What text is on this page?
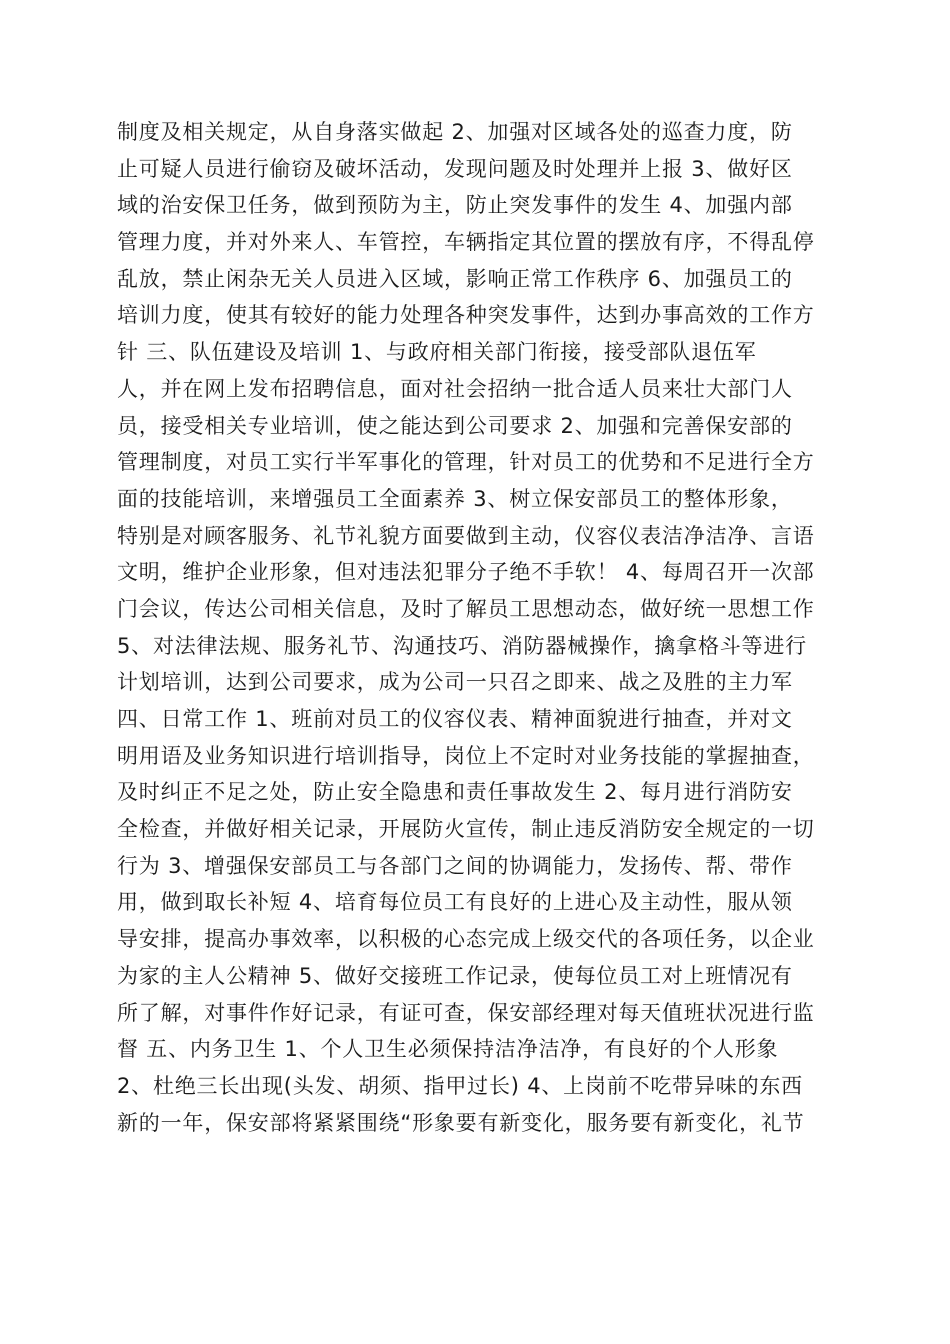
制度及相关规定，从自身落实做起 2、加强对区域各处的巡查力度，防
止可疑人员进行偷窃及破坏活动，发现问题及时处理并上报 3、做好区
域的治安保卫任务，做到预防为主，防止突发事件的发生 4、加强内部
管理力度，并对外来人、车管控，车辆指定其位置的摆放有序，不得乱停
乱放，禁止闲杂无关人员进入区域，影响正常工作秩序 6、加强员工的
培训力度，使其有较好的能力处理各种突发事件，达到办事高效的工作方
针 三、队伍建设及培训 1、与政府相关部门衔接，接受部队退伍军
人，并在网上发布招聘信息，面对社会招纳一批合适人员来壮大部门人
员，接受相关专业培训，使之能达到公司要求 2、加强和完善保安部的
管理制度，对员工实行半军事化的管理，针对员工的优势和不足进行全方
面的技能培训，来增强员工全面素养 3、树立保安部员工的整体形象，
特别是对顾客服务、礼节礼貌方面要做到主动，仪容仪表洁净洁净、言语
文明，维护企业形象，但对违法犯罪分子绝不手软！ 4、每周召开一次部
门会议，传达公司相关信息，及时了解员工思想动态，做好统一思想工作
5、对法律法规、服务礼节、沟通技巧、消防器械操作，擒拿格斗等进行
计划培训，达到公司要求，成为公司一只召之即来、战之及胜的主力军
四、日常工作 1、班前对员工的仪容仪表、精神面貌进行抽查，并对文
明用语及业务知识进行培训指导，岗位上不定时对业务技能的掌握抽查，
及时纠正不足之处，防止安全隐患和责任事故发生 2、每月进行消防安
全检查，并做好相关记录，开展防火宣传，制止违反消防安全规定的一切
行为 3、增强保安部员工与各部门之间的协调能力，发扬传、帮、带作
用，做到取长补短 4、培育每位员工有良好的上进心及主动性，服从领
导安排，提高办事效率，以积极的心态完成上级交代的各项任务，以企业
为家的主人公精神 5、做好交接班工作记录，使每位员工对上班情况有
所了解，对事件作好记录，有证可查，保安部经理对每天值班状况进行监
督 五、内务卫生 1、个人卫生必须保持洁净洁净，有良好的个人形象
2、杜绝三长出现(头发、胡须、指甲过长) 4、上岗前不吃带异味的东西
新的一年，保安部将紧紧围绕“形象要有新变化，服务要有新变化，礼节
